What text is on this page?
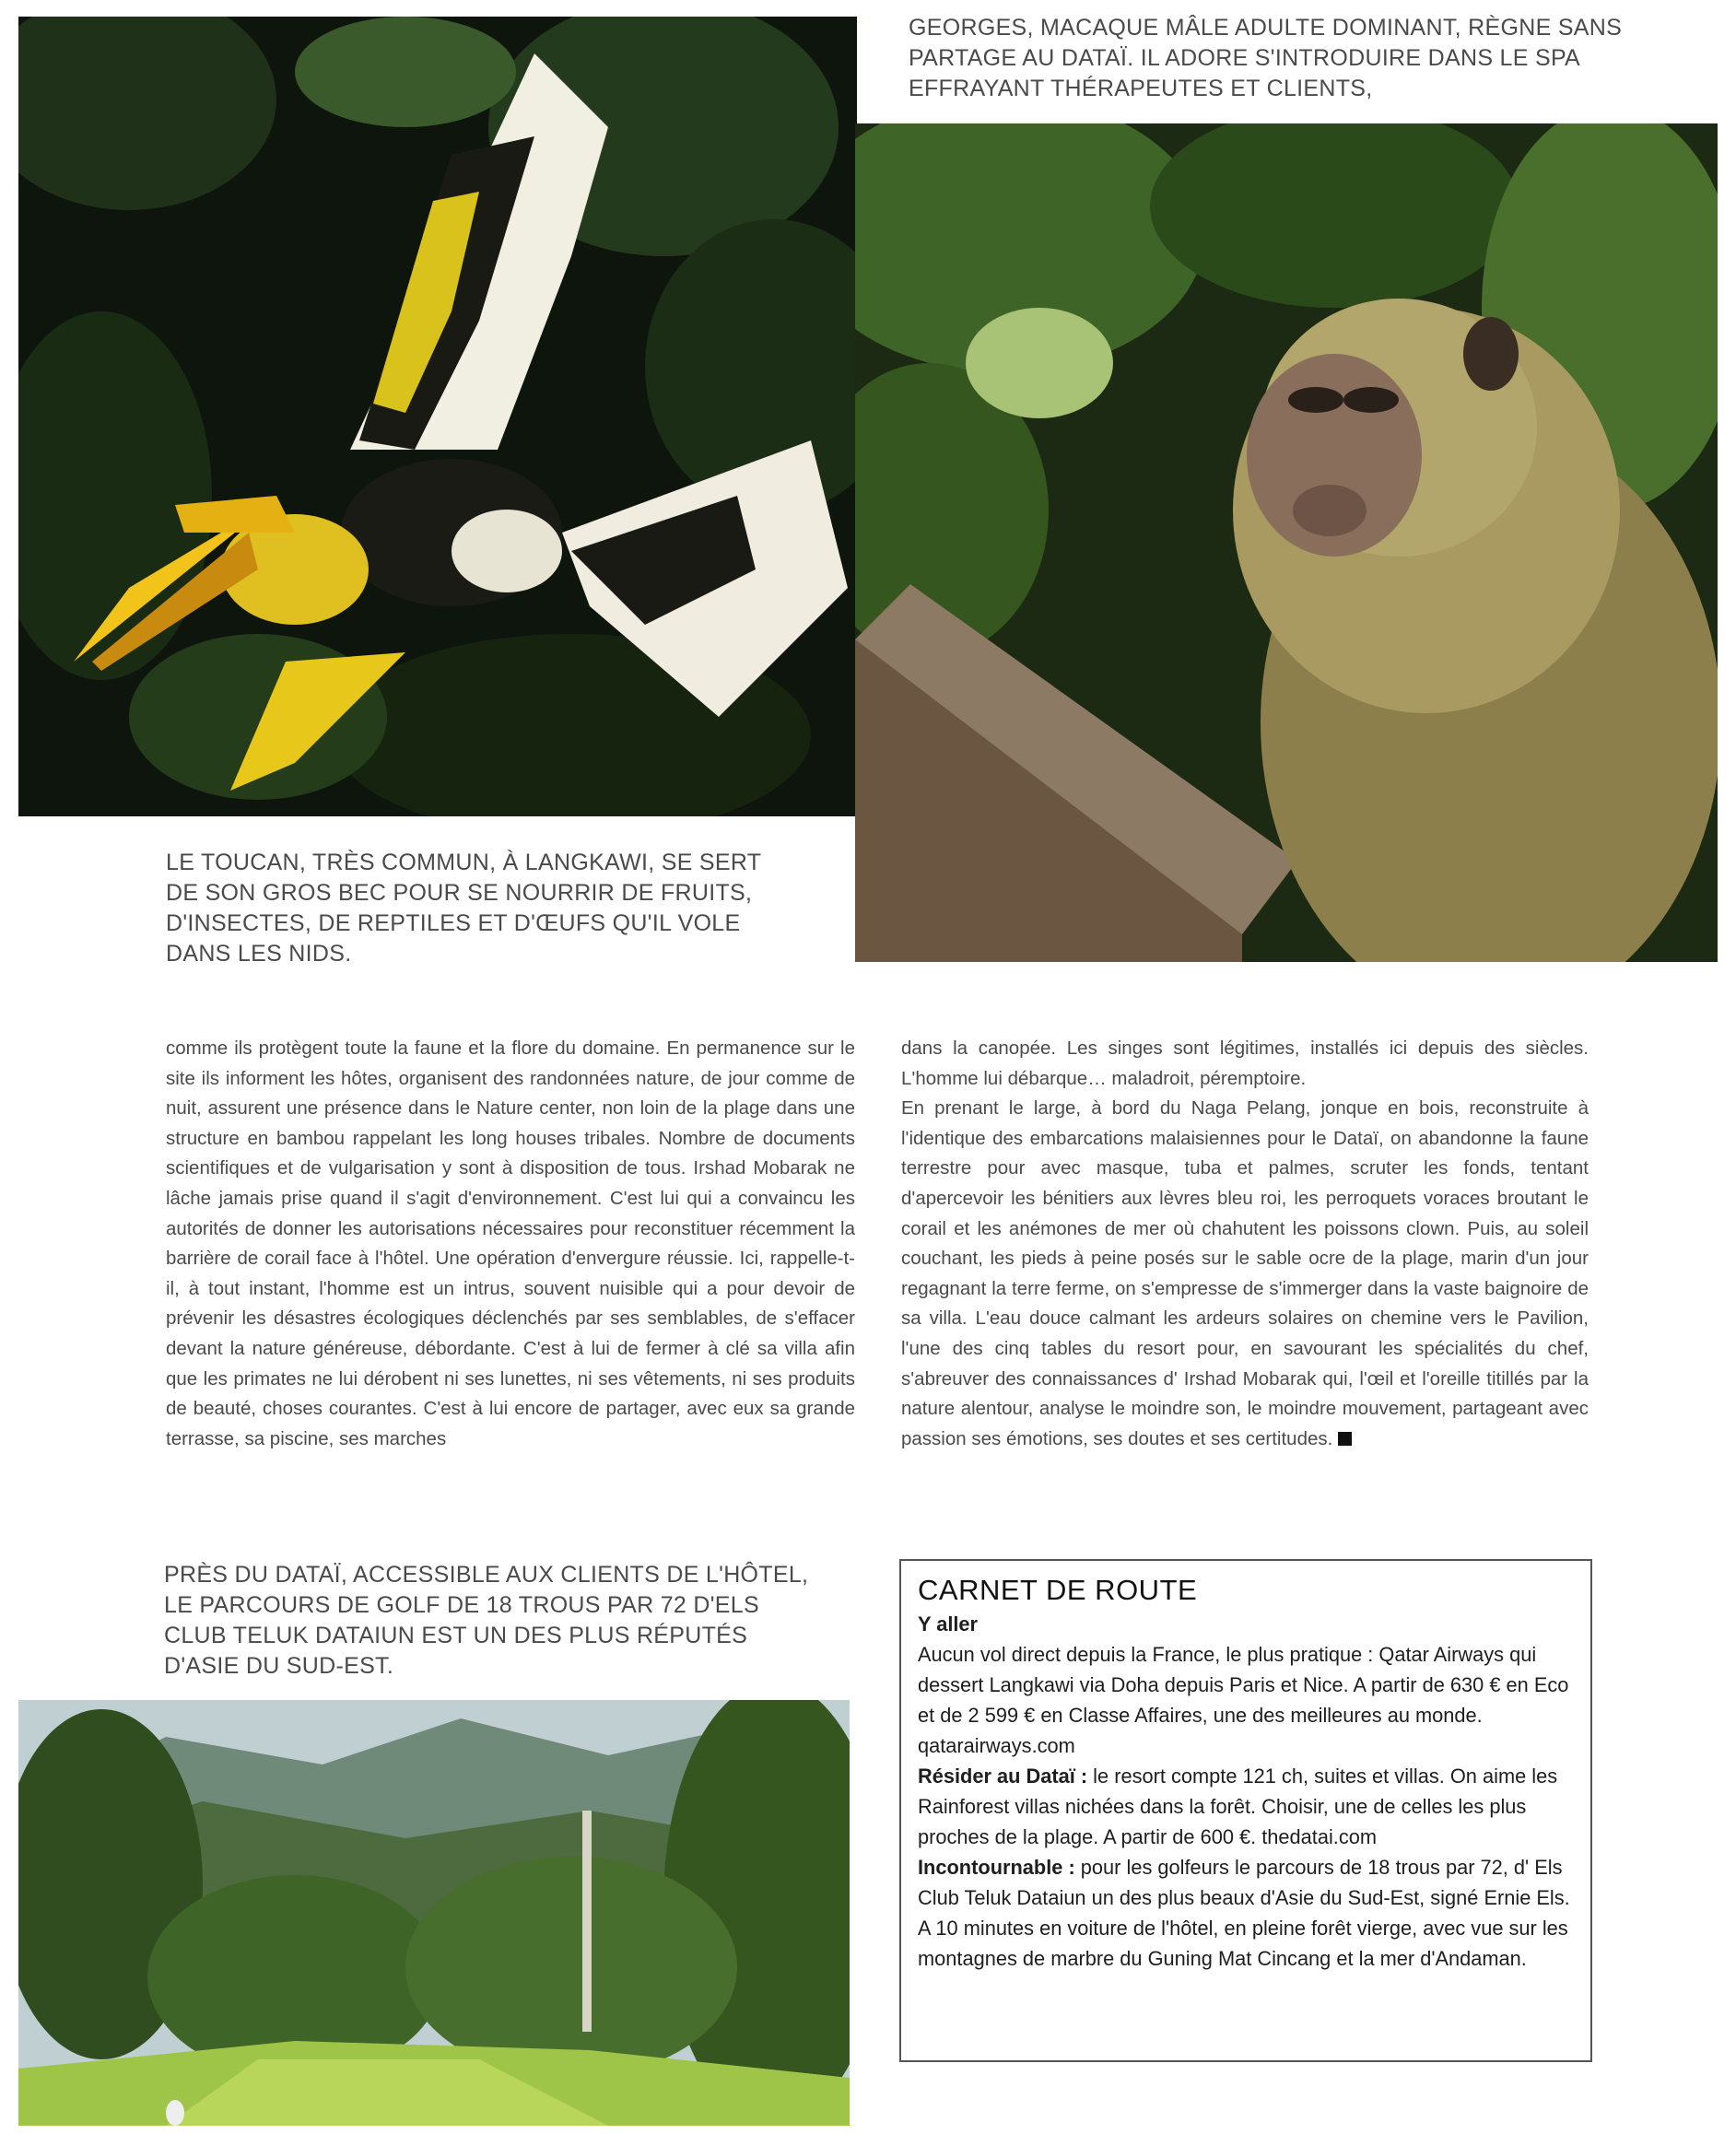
GEORGES, MACAQUE MÂLE ADULTE DOMINANT, RÈGNE SANS PARTAGE AU DATAÏ. IL ADORE S'INTRODUIRE DANS LE SPA EFFRAYANT THÉRAPEUTES ET CLIENTS,
LE TOUCAN, TRÈS COMMUN, À LANGKAWI, SE SERT DE SON GROS BEC POUR SE NOURRIR DE FRUITS, D'INSECTES, DE REPTILES ET D'ŒUFS QU'IL VOLE DANS LES NIDS.
comme ils protègent toute la faune et la flore du domaine. En permanence sur le site ils informent les hôtes, organisent des randonnées nature, de jour comme de nuit, assurent une présence dans le Nature center, non loin de la plage dans une structure en bambou rappelant les long houses tribales. Nombre de documents scientifiques et de vulgarisation y sont à disposition de tous. Irshad Mobarak ne lâche jamais prise quand il s'agit d'environnement. C'est lui qui a convaincu les autorités de donner les autorisations nécessaires pour reconstituer récemment la barrière de corail face à l'hôtel. Une opération d'envergure réussie. Ici, rappelle-t-il, à tout instant, l'homme est un intrus, souvent nuisible qui a pour devoir de prévenir les désastres écologiques déclenchés par ses semblables, de s'effacer devant la nature généreuse, débordante. C'est à lui de fermer à clé sa villa afin que les primates ne lui dérobent ni ses lunettes, ni ses vêtements, ni ses produits de beauté, choses courantes. C'est à lui encore de partager, avec eux sa grande terrasse, sa piscine, ses marches
dans la canopée. Les singes sont légitimes, installés ici depuis des siècles. L'homme lui débarque… maladroit, péremptoire.
En prenant le large, à bord du Naga Pelang, jonque en bois, reconstruite à l'identique des embarcations malaisiennes pour le Dataï, on abandonne la faune terrestre pour avec masque, tuba et palmes, scruter les fonds, tentant d'apercevoir les bénitiers aux lèvres bleu roi, les perroquets voraces broutant le corail et les anémones de mer où chahutent les poissons clown. Puis, au soleil couchant, les pieds à peine posés sur le sable ocre de la plage, marin d'un jour regagnant la terre ferme, on s'empresse de s'immerger dans la vaste baignoire de sa villa. L'eau douce calmant les ardeurs solaires on chemine vers le Pavilion, l'une des cinq tables du resort pour, en savourant les spécialités du chef, s'abreuver des connaissances d' Irshad Mobarak qui, l'œil et l'oreille titillés par la nature alentour, analyse le moindre son, le moindre mouvement, partageant avec passion ses émotions, ses doutes et ses certitudes.
PRÈS DU DATAÏ, ACCESSIBLE AUX CLIENTS DE L'HÔTEL, LE PARCOURS DE GOLF DE 18 TROUS PAR 72 D'ELS CLUB TELUK DATAIUN EST UN DES PLUS RÉPUTÉS D'ASIE DU SUD-EST.
CARNET DE ROUTE

Y aller

Aucun vol direct depuis la France, le plus pratique : Qatar Airways qui dessert Langkawi via Doha depuis Paris et Nice. A partir de 630 € en Eco et de 2 599 € en Classe Affaires, une des meilleures au monde. qatarairways.com

Résider au Dataï : le resort compte 121 ch, suites et villas. On aime les Rainforest villas nichées dans la forêt. Choisir, une de celles les plus proches de la plage. A partir de 600 €. thedatai.com

Incontournable : pour les golfeurs le parcours de 18 trous par 72, d' Els Club Teluk Dataiun un des plus beaux d'Asie du Sud-Est, signé Ernie Els. A 10 minutes en voiture de l'hôtel, en pleine forêt vierge, avec vue sur les montagnes de marbre du Guning Mat Cincang et la mer d'Andaman.
